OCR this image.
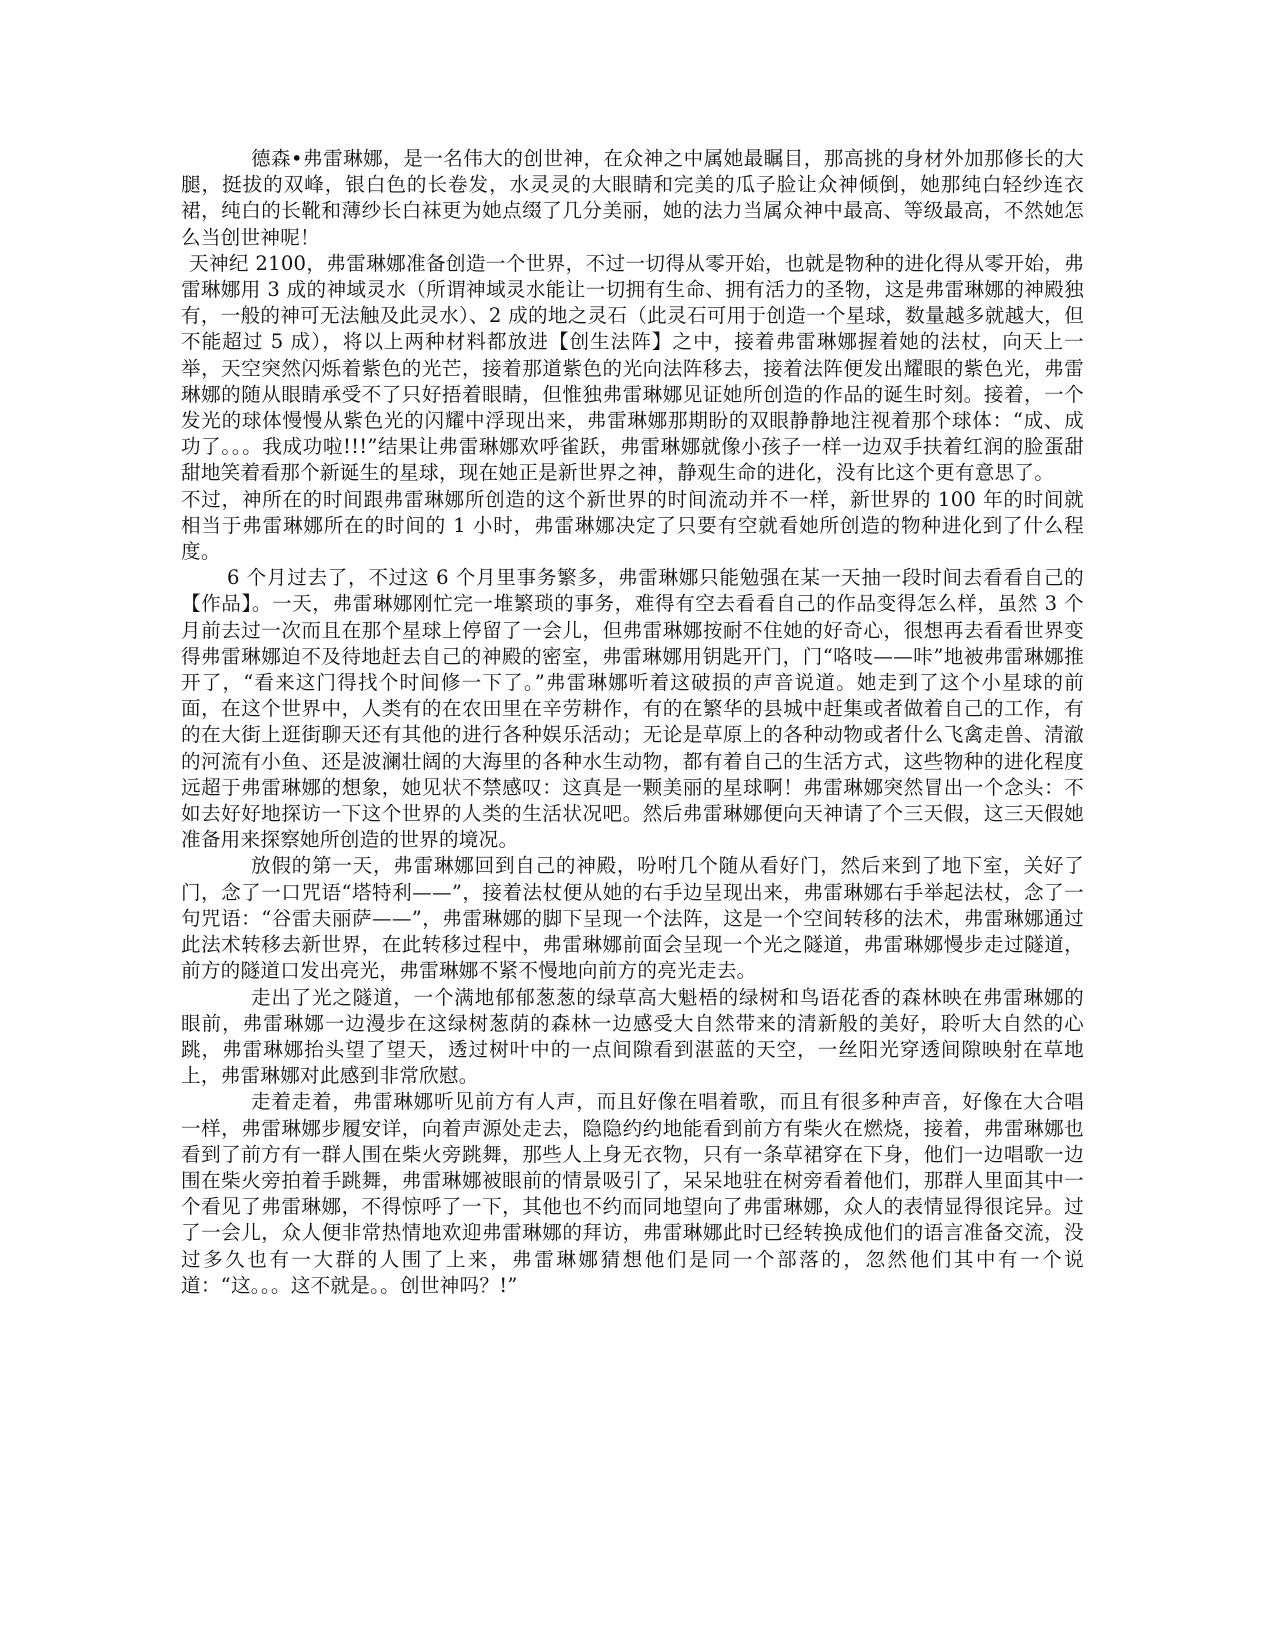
德森•弗雷琳娜，是一名伟大的创世神，在众神之中属她最瞩目，那高挑的身材外加那修长的大腿，挺拔的双峰，银白色的长卷发，水灵灵的大眼睛和完美的瓜子脸让众神倾倒，她那纯白轻纱连衣裙，纯白的长靴和薄纱长白袜更为她点缀了几分美丽，她的法力当属众神中最高、等级最高，不然她怎么当创世神呢！

天神纪 2100，弗雷琳娜准备创造一个世界，不过一切得从零开始，也就是物种的进化得从零开始，弗雷琳娜用 3 成的神域灵水（所谓神域灵水能让一切拥有生命、拥有活力的圣物，这是弗雷琳娜的神殿独有，一般的神可无法触及此灵水）、2 成的地之灵石（此灵石可用于创造一个星球，数量越多就越大，但不能超过 5 成），将以上两种材料都放进【创生法阵】之中，接着弗雷琳娜握着她的法杖，向天上一举，天空突然闪烁着紫色的光芒，接着那道紫色的光向法阵移去，接着法阵便发出耀眼的紫色光，弗雷琳娜的随从眼睛承受不了只好捂着眼睛，但惟独弗雷琳娜见证她所创造的作品的诞生时刻。接着，一个发光的球体慢慢从紫色光的闪耀中浮现出来，弗雷琳娜那期盼的双眼静静地注视着那个球体：“成、成功了。。。我成功啦!!!”结果让弗雷琳娜欢呼雀跃，弗雷琳娜就像小孩子一样一边双手扶着红润的脸蛋甜甜地笑着看那个新诞生的星球，现在她正是新世界之神，静观生命的进化，没有比这个更有意思了。

不过，神所在的时间跟弗雷琳娜所创造的这个新世界的时间流动并不一样，新世界的 100 年的时间就相当于弗雷琳娜所在的时间的 1 小时，弗雷琳娜决定了只要有空就看她所创造的物种进化到了什么程度。

6 个月过去了，不过这 6 个月里事务繁多，弗雷琳娜只能勉强在某一天抽一段时间去看看自己的【作品】。一天，弗雷琳娜刚忙完一堆繁琐的事务，难得有空去看看自己的作品变得怎么样，虽然 3 个月前去过一次而且在那个星球上停留了一会儿，但弗雷琳娜按耐不住她的好奇心，很想再去看看世界变得弗雷琳娜迫不及待地赶去自己的神殿的密室，弗雷琳娜用钥匙开门，门“咯吱——咔”地被弗雷琳娜推开了，“看来这门得找个时间修一下了。”弗雷琳娜听着这破损的声音说道。她走到了这个小星球的前面，在这个世界中，人类有的在农田里在辛劳耕作，有的在繁华的县城中赶集或者做着自己的工作，有的在大街上逛街聊天还有其他的进行各种娱乐活动；无论是草原上的各种动物或者什么飞禽走兽、清澈的河流有小鱼、还是波澜壮阔的大海里的各种水生动物，都有着自己的生活方式，这些物种的进化程度远超于弗雷琳娜的想象，她见状不禁感叹：这真是一颗美丽的星球啊！弗雷琳娜突然冒出一个念头：不如去好好地探访一下这个世界的人类的生活状况吧。然后弗雷琳娜便向天神请了个三天假，这三天假她准备用来探察她所创造的世界的境况。

放假的第一天，弗雷琳娜回到自己的神殿，吩咐几个随从看好门，然后来到了地下室，关好了门，念了一口咒语“塔特利——”，接着法杖便从她的右手边呈现出来，弗雷琳娜右手举起法杖，念了一句咒语：“谷雷夫丽萨——”，弗雷琳娜的脚下呈现一个法阵，这是一个空间转移的法术，弗雷琳娜通过此法术转移去新世界，在此转移过程中，弗雷琳娜前面会呈现一个光之隧道，弗雷琳娜慢步走过隧道，前方的隧道口发出亮光，弗雷琳娜不紧不慢地向前方的亮光走去。

走出了光之隧道，一个满地郁郁葱葱的绿草高大魁梧的绿树和鸟语花香的森林映在弗雷琳娜的眼前，弗雷琳娜一边漫步在这绿树葱荫的森林一边感受大自然带来的清新般的美好，聆听大自然的心跳，弗雷琳娜抬头望了望天，透过树叶中的一点间隙看到湛蓝的天空，一丝阳光穿透间隙映射在草地上，弗雷琳娜对此感到非常欣慰。

走着走着，弗雷琳娜听见前方有人声，而且好像在唱着歌，而且有很多种声音，好像在大合唱一样，弗雷琳娜步履安详，向着声源处走去，隐隐约约地能看到前方有柴火在燃烧，接着，弗雷琳娜也看到了前方有一群人围在柴火旁跳舞，那些人上身无衣物，只有一条草裙穿在下身，他们一边唱歌一边围在柴火旁拍着手跳舞，弗雷琳娜被眼前的情景吸引了，呆呆地驻在树旁看着他们，那群人里面其中一个看见了弗雷琳娜，不得惊呼了一下，其他也不约而同地望向了弗雷琳娜，众人的表情显得很诧异。过了一会儿，众人便非常热情地欢迎弗雷琳娜的拜访，弗雷琳娜此时已经转换成他们的语言准备交流，没过多久也有一大群的人围了上来，弗雷琳娜猜想他们是同一个部落的，忽然他们其中有一个说道：“这。。。这不就是。。创世神吗？!”
